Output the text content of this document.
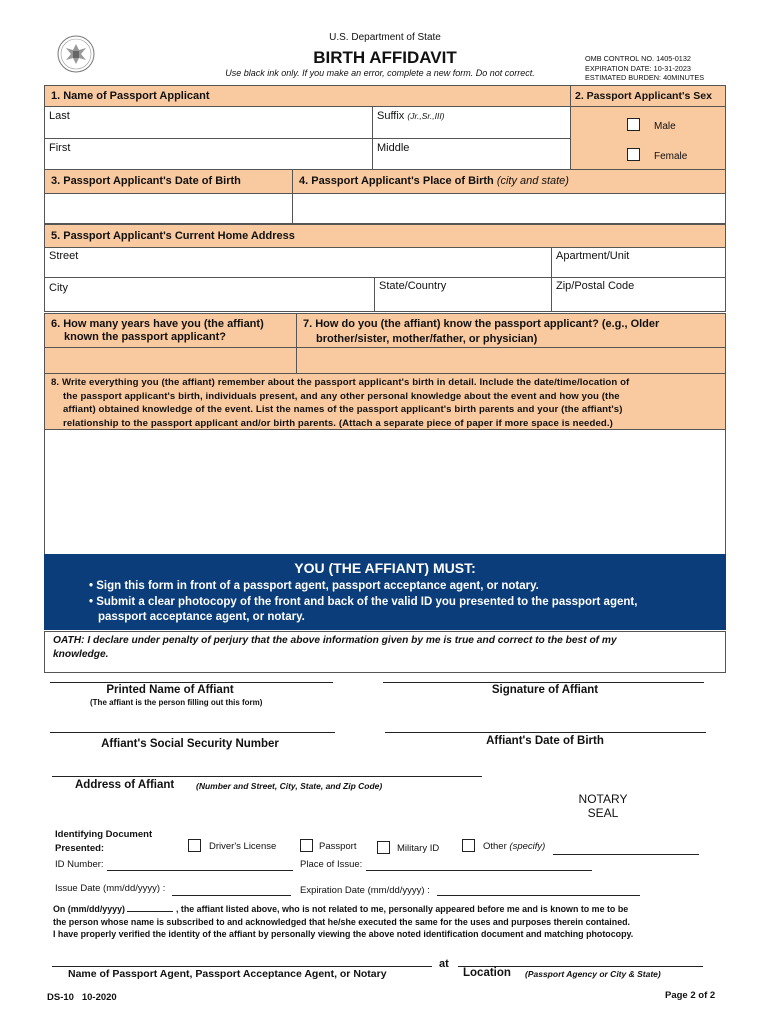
U.S. Department of State
BIRTH AFFIDAVIT
Use black ink only. If you make an error, complete a new form. Do not correct.
OMB CONTROL NO. 1405-0132
EXPIRATION DATE: 10-31-2023
ESTIMATED BURDEN: 40MINUTES
1. Name of Passport Applicant	2. Passport Applicant's Sex
Last	Suffix (Jr.,Sr.,III)
Male
Female
First	Middle
3. Passport Applicant's Date of Birth	4. Passport Applicant's Place of Birth (city and state)
5. Passport Applicant's Current Home Address
Street	Apartment/Unit
City	State/Country	Zip/Postal Code
6. How many years have you (the affiant)
known the passport applicant?
7. How do you (the affiant) know the passport applicant? (e.g., Older
brother/sister, mother/father, or physician)
8. Write everything you (the affiant) remember about the passport applicant's birth in detail. Include the date/time/location of
the passport applicant's birth, individuals present, and any other personal knowledge about the event and how you (the
affiant) obtained knowledge of the event. List the names of the passport applicant's birth parents and your (the affiant's)
relationship to the passport applicant and/or birth parents. (Attach a separate piece of paper if more space is needed.)
YOU (THE AFFIANT) MUST:
• Sign this form in front of a passport agent, passport acceptance agent, or notary.
• Submit a clear photocopy of the front and back of the valid ID you presented to the passport agent,
passport acceptance agent, or notary.
OATH: I declare under penalty of perjury that the above information given by me is true and correct to the best of my
knowledge.
Printed Name of Affiant
(The affiant is the person filling out this form)
Signature of Affiant
Affiant's Social Security Number	Affiant's Date of Birth
Address of Affiant	(Number and Street, City, State, and Zip Code)
NOTARY
SEAL
Identifying Document
Presented:	Driver's License	Passport	Military ID	Other (specify)
ID Number:	Place of Issue:
Issue Date (mm/dd/yyyy) :	Expiration Date (mm/dd/yyyy) :
On (mm/dd/yyyy)	, the affiant listed above, who is not related to me, personally appeared before me and is known to me to be
the person whose name is subscribed to and acknowledged that he/she executed the same for the uses and purposes therein contained.
I have properly verified the identity of the affiant by personally viewing the above noted identification document and matching photocopy.
at
Name of Passport Agent, Passport Acceptance Agent, or Notary	Location (Passport Agency or City & State)
DS-10   10-2020	Page 2 of 2
